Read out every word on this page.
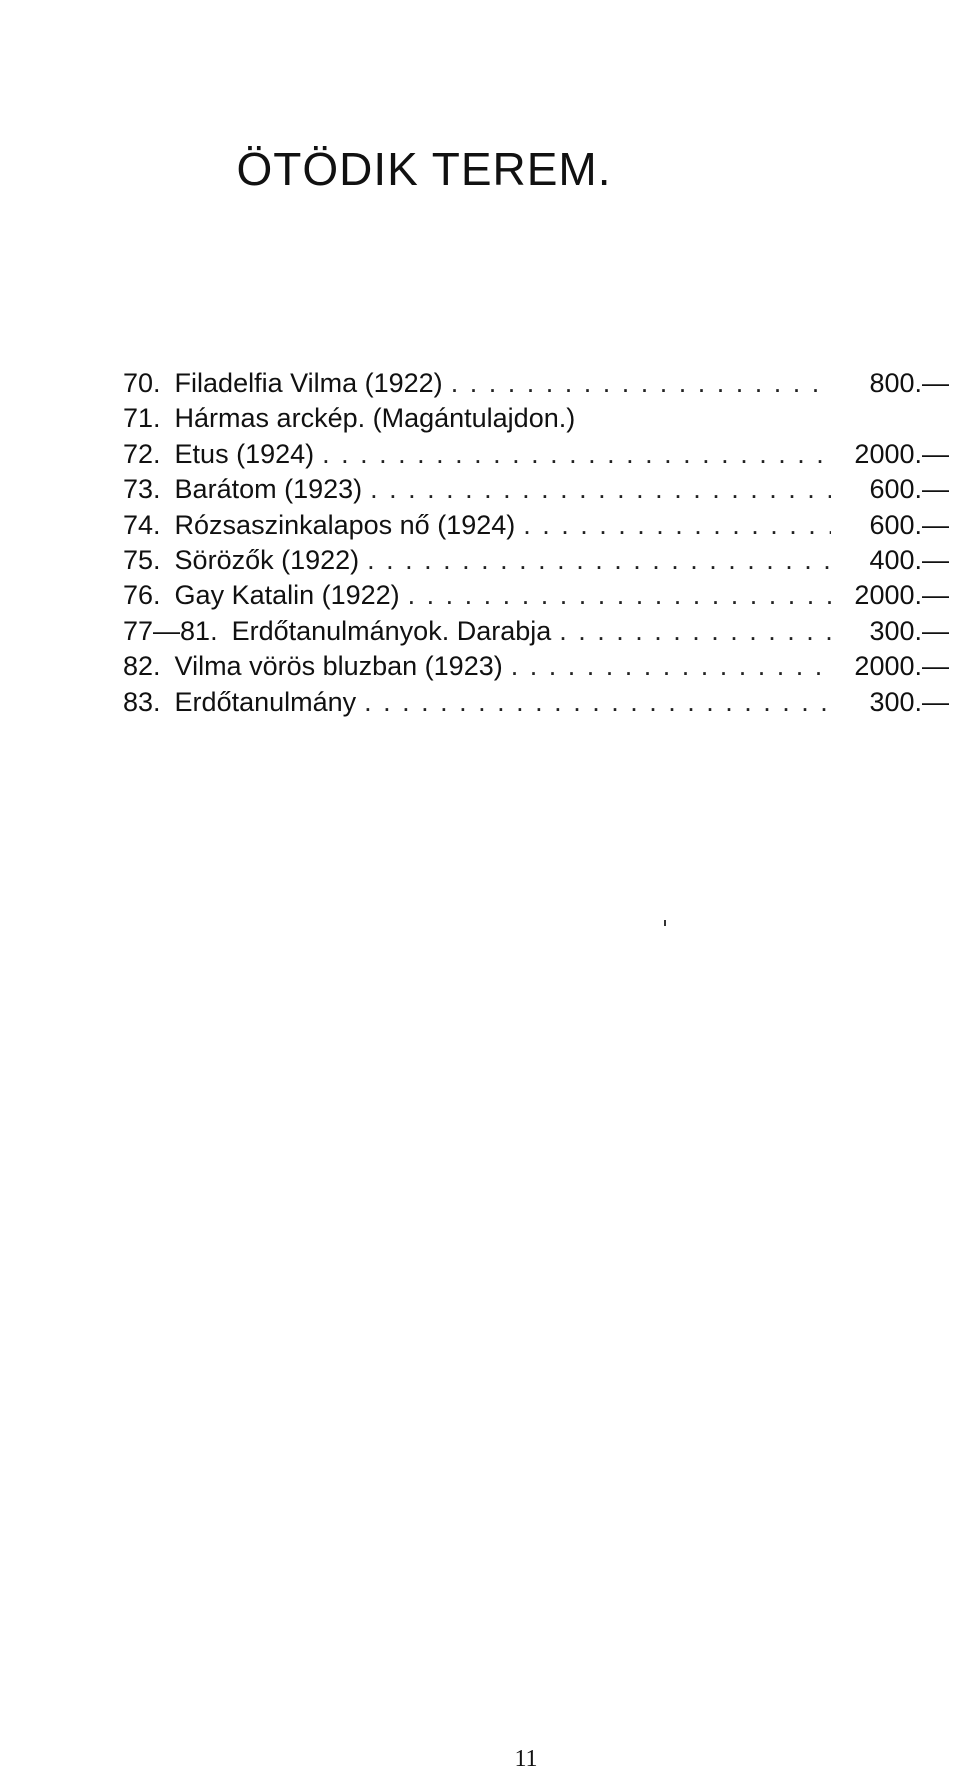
ÖTÖDIK TEREM.
70. Filadelfia Vilma (1922) . . .	800.—
71. Hármas arckép. (Magántulajdon.)
72. Etus (1924) . . .	2000.—
73. Barátom (1923) . . .	600.—
74. Rózsaszinkalapos nő (1924) . . .	600.—
75. Sörözők (1922) . . .	400.—
76. Gay Katalin (1922) . . .	2000.—
77—81. Erdőtanulmányok. Darabja . . .	300.—
82. Vilma vörös bluzban (1923) . . .	2000.—
83. Erdőtanulmány . . .	300.—
11
